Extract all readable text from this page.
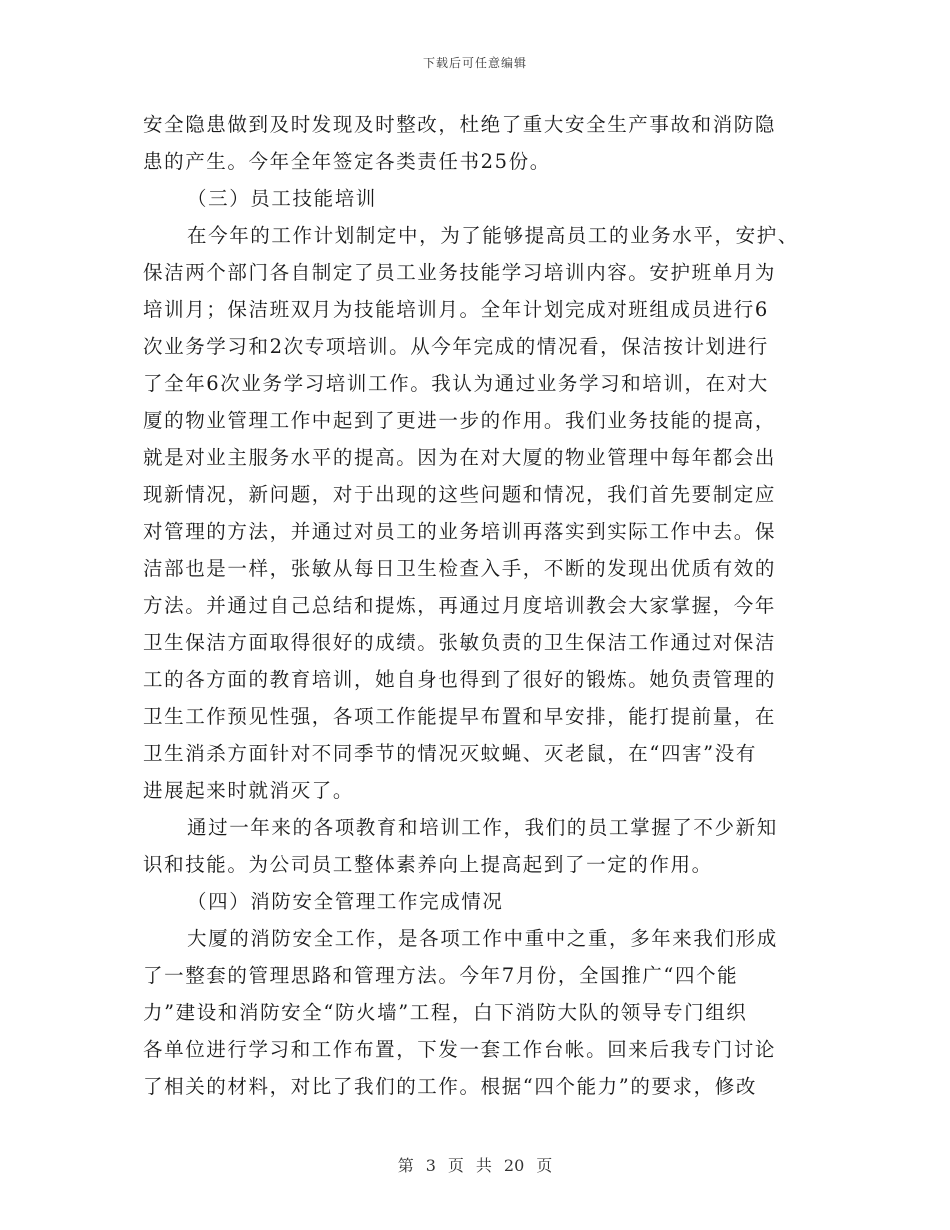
下载后可任意编辑
安全隐患做到及时发现及时整改，杜绝了重大安全生产事故和消防隐
患的产生。今年全年签定各类责任书25份。
（三）员工技能培训
在今年的工作计划制定中，为了能够提高员工的业务水平，安护、
保洁两个部门各自制定了员工业务技能学习培训内容。安护班单月为
培训月；保洁班双月为技能培训月。全年计划完成对班组成员进行6
次业务学习和2次专项培训。从今年完成的情况看，保洁按计划进行
了全年6次业务学习培训工作。我认为通过业务学习和培训，在对大
厦的物业管理工作中起到了更进一步的作用。我们业务技能的提高，
就是对业主服务水平的提高。因为在对大厦的物业管理中每年都会出
现新情况，新问题，对于出现的这些问题和情况，我们首先要制定应
对管理的方法，并通过对员工的业务培训再落实到实际工作中去。保
洁部也是一样，张敏从每日卫生检查入手，不断的发现出优质有效的
方法。并通过自己总结和提炼，再通过月度培训教会大家掌握，今年
卫生保洁方面取得很好的成绩。张敏负责的卫生保洁工作通过对保洁
工的各方面的教育培训，她自身也得到了很好的锻炼。她负责管理的
卫生工作预见性强，各项工作能提早布置和早安排，能打提前量，在
卫生消杀方面针对不同季节的情况灭蚊蝇、灭老鼠，在“四害”没有
进展起来时就消灭了。
通过一年来的各项教育和培训工作，我们的员工掌握了不少新知
识和技能。为公司员工整体素养向上提高起到了一定的作用。
（四）消防安全管理工作完成情况
大厦的消防安全工作，是各项工作中重中之重，多年来我们形成
了一整套的管理思路和管理方法。今年7月份，全国推广“四个能
力”建设和消防安全“防火墙”工程，白下消防大队的领导专门组织
各单位进行学习和工作布置，下发一套工作台帐。回来后我专门讨论
了相关的材料，对比了我们的工作。根据“四个能力”的要求，修改
第 3 页 共 20 页
